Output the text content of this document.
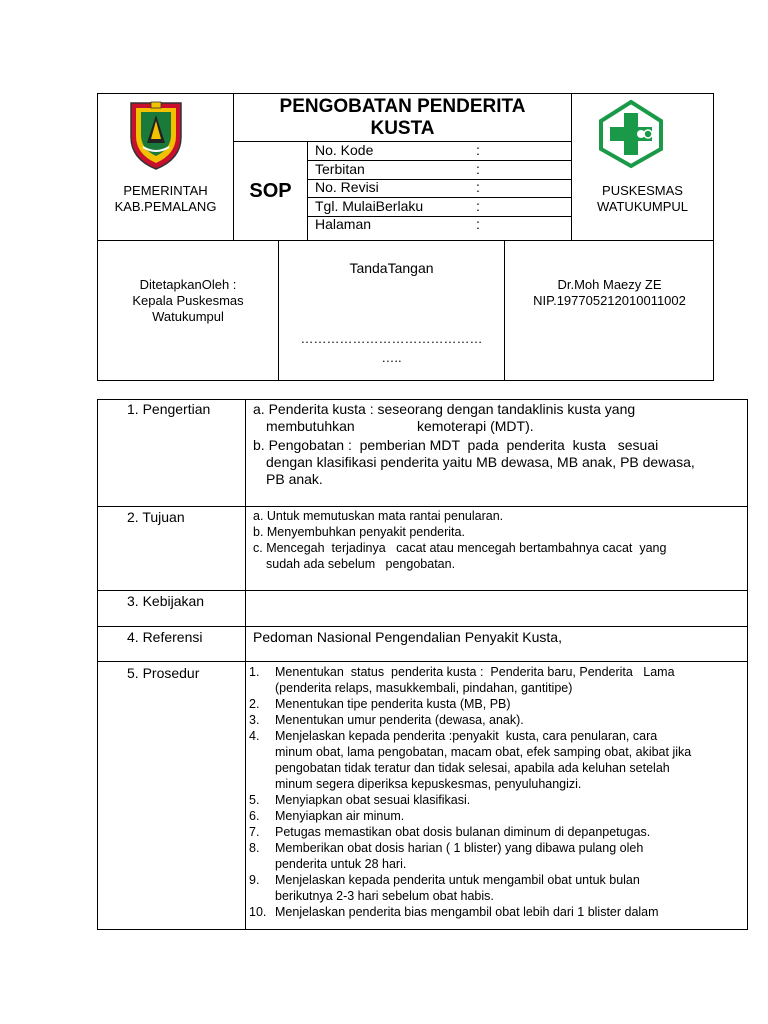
PEMERINTAH
KAB.PEMALANG
PENGOBATAN PENDERITA
KUSTA
SOP
No. Kode	:
Terbitan	:
No. Revisi	:
Tgl. MulaiBerlaku	:
Halaman	:
PUSKESMAS
WATUKUMPUL
DitetapkanOleh :
Kepala Puskesmas
Watukumpul
TandaTangan
……………………………………
…..
Dr.Moh Maezy ZE
NIP.197705212010011002
1. Pengertian	a. Penderita kusta : seseorang dengan tandaklinis kusta yang
membutuhkan                kemoterapi (MDT).
b. Pengobatan :  pemberian MDT  pada  penderita  kusta   sesuai
dengan klasifikasi penderita yaitu MB dewasa, MB anak, PB dewasa,
PB anak.
2. Tujuan	a. Untuk memutuskan mata rantai penularan.
b. Menyembuhkan penyakit penderita.
c. Mencegah  terjadinya   cacat atau mencegah bertambahnya cacat  yang
sudah ada sebelum   pengobatan.
3. Kebijakan
4. Referensi	Pedoman Nasional Pengendalian Penyakit Kusta,
5. Prosedur	1.	Menentukan  status  penderita kusta :  Penderita baru, Penderita   Lama
(penderita relaps, masukkembali, pindahan, gantitipe)
2.	Menentukan tipe penderita kusta (MB, PB)
3.	Menentukan umur penderita (dewasa, anak).
4.	Menjelaskan kepada penderita :penyakit  kusta, cara penularan, cara
minum obat, lama pengobatan, macam obat, efek samping obat, akibat jika
pengobatan tidak teratur dan tidak selesai, apabila ada keluhan setelah
minum segera diperiksa kepuskesmas, penyuluhangizi.
5.	Menyiapkan obat sesuai klasifikasi.
6.	Menyiapkan air minum.
7.	Petugas memastikan obat dosis bulanan diminum di depanpetugas.
8.	Memberikan obat dosis harian ( 1 blister) yang dibawa pulang oleh
penderita untuk 28 hari.
9.	Menjelaskan kepada penderita untuk mengambil obat untuk bulan
berikutnya 2-3 hari sebelum obat habis.
10. Menjelaskan penderita bias mengambil obat lebih dari 1 blister dalam
